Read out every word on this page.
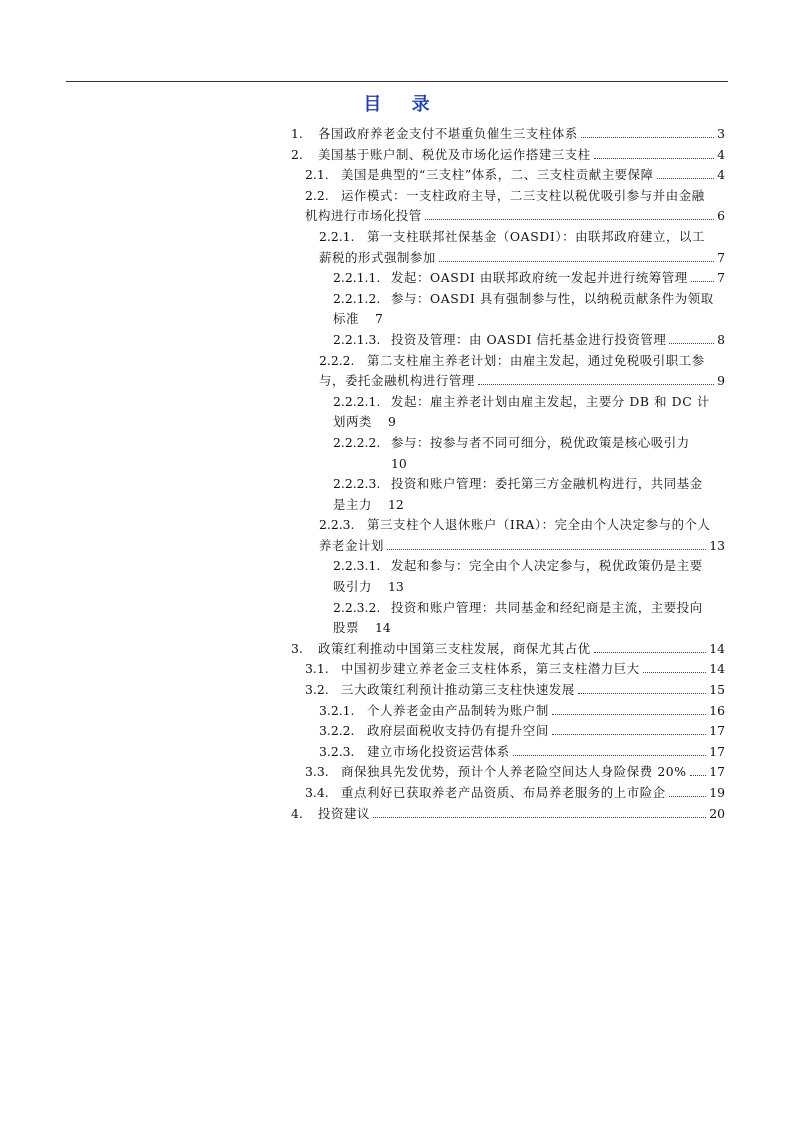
目 录
1.	各国政府养老金支付不堪重负催生三支柱体系	3
2.	美国基于账户制、税优及市场化运作搭建三支柱	4
2.1. 美国是典型的“三支柱”体系，二、三支柱贡献主要保障	4
2.2. 运作模式：一支柱政府主导，二三支柱以税优吸引参与并由金融
机构进行市场化投管	6
2.2.1.	第一支柱联邦社保基金（OASDI）：由联邦政府建立，以工
薪税的形式强制参加	7
2.2.1.1. 发起：OASDI 由联邦政府统一发起并进行统筹管理 7
2.2.1.2. 参与：OASDI 具有强制参与性，以纳税贡献条件为领取
标准 7
2.2.1.3. 投资及管理：由 OASDI 信托基金进行投资管理	8
2.2.2.	第二支柱雇主养老计划：由雇主发起，通过免税吸引职工参
与，委托金融机构进行管理	9
2.2.2.1. 发起：雇主养老计划由雇主发起，主要分 DB 和 DC 计
划两类 9
2.2.2.2. 参与：按参与者不同可细分，税优政策是核心吸引力
10
2.2.2.3. 投资和账户管理：委托第三方金融机构进行，共同基金
是主力 12
2.2.3.	第三支柱个人退休账户（IRA）：完全由个人决定参与的个人
养老金计划	13
2.2.3.1. 发起和参与：完全由个人决定参与，税优政策仍是主要
吸引力 13
2.2.3.2. 投资和账户管理：共同基金和经纪商是主流，主要投向
股票 14
3.	政策红利推动中国第三支柱发展，商保尤其占优	14
3.1. 中国初步建立养老金三支柱体系，第三支柱潜力巨大	14
3.2. 三大政策红利预计推动第三支柱快速发展	15
3.2.1.	个人养老金由产品制转为账户制	16
3.2.2.	政府层面税收支持仍有提升空间	17
3.2.3.	建立市场化投资运营体系	17
3.3. 商保独具先发优势，预计个人养老险空间达人身险保费 20% 17
3.4. 重点利好已获取养老产品资质、布局养老服务的上市险企	19
4.	投资建议	20
